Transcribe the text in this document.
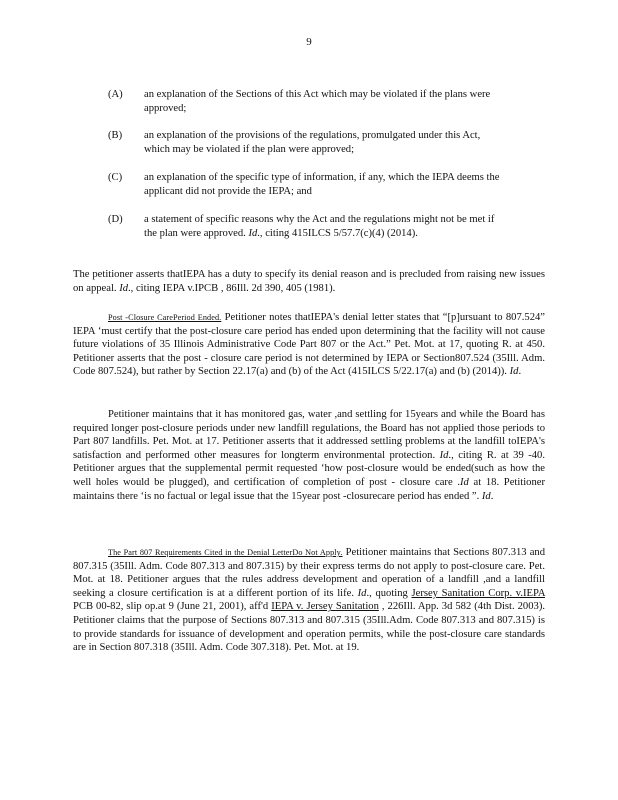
9
(A) an explanation of the Sections of this Act which may be violated if the plans were approved;
(B) an explanation of the provisions of the regulations, promulgated under this Act, which may be violated if the plan were approved;
(C) an explanation of the specific type of information, if any, which the IEPA deems the applicant did not provide the IEPA; and
(D) a statement of specific reasons why the Act and the regulations might not be met if the plan were approved. Id., citing 415ILCS 5/57.7(c)(4) (2014).
The petitioner asserts thatIEPA has a duty to specify its denial reason and is precluded from raising new issues on appeal. Id., citing IEPA v.IPCB , 86Ill. 2d 390, 405 (1981).
Post -Closure CarePeriod Ended. Petitioner notes thatIEPA's denial letter states that “[p]ursuant to 807.524” IEPA ‘must certify that the post-closure care period has ended upon determining that the facility will not cause future violations of 35 Illinois Administrative Code Part 807 or the Act.” Pet. Mot. at 17, quoting R. at 450. Petitioner asserts that the post - closure care period is not determined by IEPA or Section807.524 (35Ill. Adm. Code 807.524), but rather by Section 22.17(a) and (b) of the Act (415ILCS 5/22.17(a) and (b) (2014)). Id.
Petitioner maintains that it has monitored gas, water ,and settling for 15years and while the Board has required longer post-closure periods under new landfill regulations, the Board has not applied those periods to Part 807 landfills. Pet. Mot. at 17. Petitioner asserts that it addressed settling problems at the landfill toIEPA's satisfaction and performed other measures for longterm environmental protection. Id., citing R. at 39 -40. Petitioner argues that the supplemental permit requested ‘how post-closure would be ended(such as how the well holes would be plugged), and certification of completion of post - closure care .Id at 18. Petitioner maintains there ‘is no factual or legal issue that the 15year post -closurecare period has ended ”. Id.
The Part 807 Requirements Cited in the Denial LetterDo Not Apply. Petitioner maintains that Sections 807.313 and 807.315 (35Ill. Adm. Code 807.313 and 807.315) by their express terms do not apply to post-closure care. Pet. Mot. at 18. Petitioner argues that the rules address development and operation of a landfill ,and a landfill seeking a closure certification is at a different portion of its life. Id., quoting Jersey Sanitation Corp. v.IEPA PCB 00-82, slip op.at 9 (June 21, 2001), aff'd IEPA v. Jersey Sanitation , 226Ill. App. 3d 582 (4th Dist. 2003). Petitioner claims that the purpose of Sections 807.313 and 807.315 (35Ill.Adm. Code 807.313 and 807.315) is to provide standards for issuance of development and operation permits, while the post-closure care standards are in Section 807.318 (35Ill. Adm. Code 307.318). Pet. Mot. at 19.
